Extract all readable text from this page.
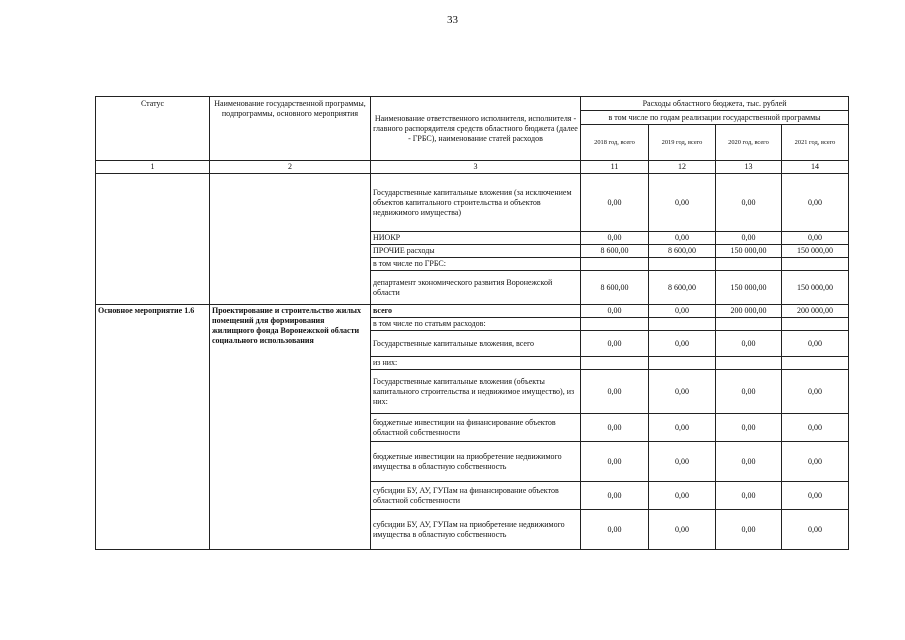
33
Статус	Наименование государственной программы, подпрограммы, основного мероприятия	Наименование ответственного исполнителя, исполнителя - главного распорядителя средств областного бюджета (далее - ГРБС), наименование статей расходов	Расходы областного бюджета, тыс. рублей			
			в том числе по годам реализации государственной программы			
			2018 год, всего	2019 год, всего	2020 год, всего	2021 год, всего
1	2	3	11	12	13	14
		Государственные капитальные вложения (за исключением объектов капитального строительства и объектов недвижимого имущества)	0,00	0,00	0,00	0,00
		НИОКР	0,00	0,00	0,00	0,00
		ПРОЧИЕ расходы	8 600,00	8 600,00	150 000,00	150 000,00
		в том числе по ГРБС:				
		департамент экономического развития Воронежской области	8 600,00	8 600,00	150 000,00	150 000,00
Основное мероприятие 1.6	Проектирование и строительство жилых помещений для формирования жилищного фонда Воронежской области социального использования	всего	0,00	0,00	200 000,00	200 000,00
		в том числе по статьям расходов:				
		Государственные капитальные вложения, всего	0,00	0,00	0,00	0,00
		из них:				
		Государственные капитальные вложения (объекты капитального строительства и недвижимое имущество), из них:	0,00	0,00	0,00	0,00
		бюджетные инвестиции на финансирование объектов областной собственности	0,00	0,00	0,00	0,00
		бюджетные инвестиции на приобретение недвижимого имущества в областную собственность	0,00	0,00	0,00	0,00
		субсидии БУ, АУ, ГУПам на финансирование объектов областной собственности	0,00	0,00	0,00	0,00
		субсидии БУ, АУ, ГУПам на приобретение недвижимого имущества в областную собственность	0,00	0,00	0,00	0,00
